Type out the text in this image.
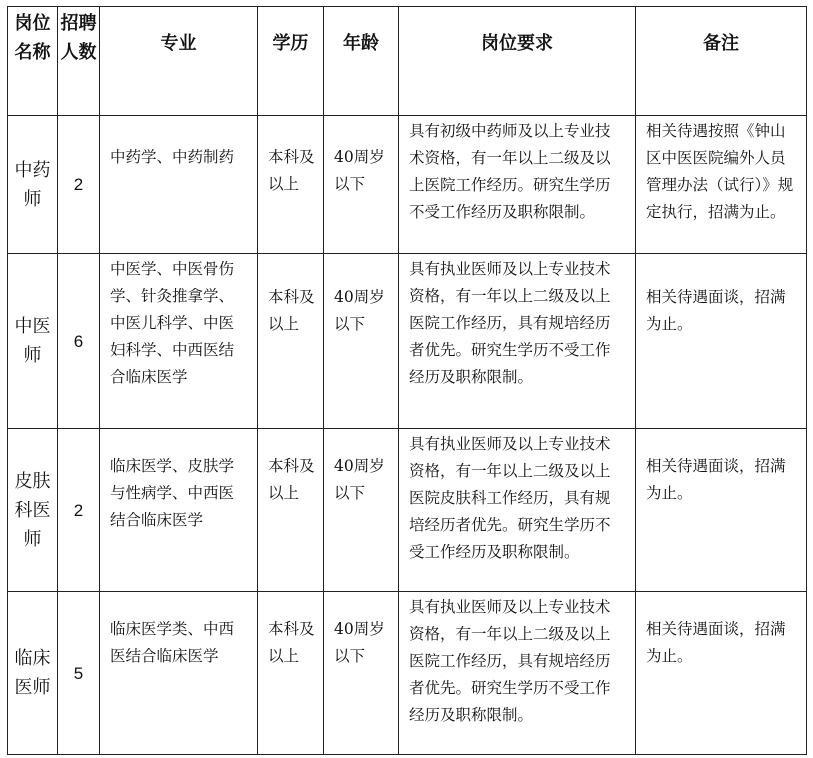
岗位名称	招聘人数	专业	学历	年龄	岗位要求	备注
中药师	2	中药学、中药制药	本科及以上	40周岁以下	具有初级中药师及以上专业技术资格，有一年以上二级及以上医院工作经历。研究生学历不受工作经历及职称限制。	相关待遇按照《钟山区中医医院编外人员管理办法（试行）》规定执行，招满为止。
中医师	6	中医学、中医骨伤学、针灸推拿学、中医儿科学、中医妇科学、中西医结合临床医学	本科及以上	40周岁以下	具有执业医师及以上专业技术资格，有一年以上二级及以上医院工作经历，具有规培经历者优先。研究生学历不受工作经历及职称限制。	相关待遇面谈，招满为止。
皮肤科医师	2	临床医学、皮肤学与性病学、中西医结合临床医学	本科及以上	40周岁以下	具有执业医师及以上专业技术资格，有一年以上二级及以上医院皮肤科工作经历，具有规培经历者优先。研究生学历不受工作经历及职称限制。	相关待遇面谈，招满为止。
临床医师	5	临床医学类、中西医结合临床医学	本科及以上	40周岁以下	具有执业医师及以上专业技术资格，有一年以上二级及以上医院工作经历，具有规培经历者优先。研究生学历不受工作经历及职称限制。	相关待遇面谈，招满为止。
